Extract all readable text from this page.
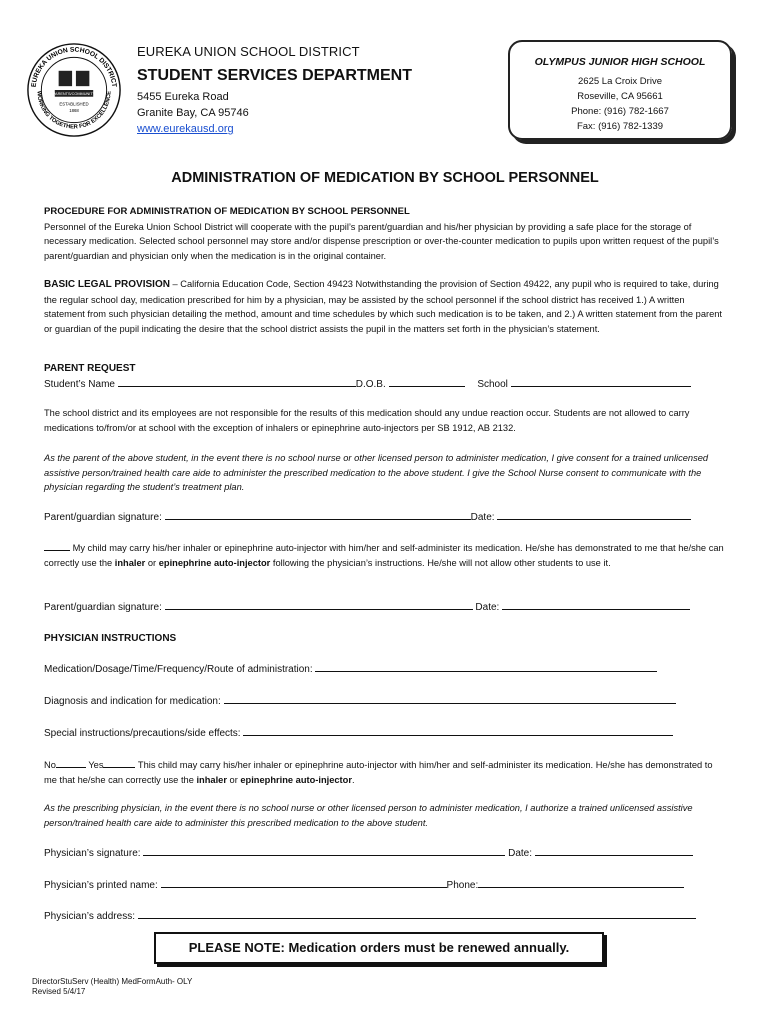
EUREKA UNION SCHOOL DISTRICT
WORKING TOGETHER FOR EXCELLENCE
PARENTS/COMMUNITY
ESTABLISHED
1868
EUREKA UNION SCHOOL DISTRICT
STUDENT SERVICES DEPARTMENT
5455 Eureka Road
Granite Bay, CA 95746
www.eurekausd.org
OLYMPUS JUNIOR HIGH SCHOOL
2625 La Croix Drive
Roseville, CA 95661
Phone: (916) 782-1667
Fax: (916) 782-1339
ADMINISTRATION OF MEDICATION BY SCHOOL PERSONNEL
PROCEDURE FOR ADMINISTRATION OF MEDICATION BY SCHOOL PERSONNEL
Personnel of the Eureka Union School District will cooperate with the pupil’s parent/guardian and his/her physician by providing a safe place for the storage of necessary medication. Selected school personnel may store and/or dispense prescription or over-the-counter medication to pupils upon written request of the pupil’s parent/guardian and physician only when the medication is in the original container.
BASIC LEGAL PROVISION – California Education Code, Section 49423 Notwithstanding the provision of Section 49422, any pupil who is required to take, during the regular school day, medication prescribed for him by a physician, may be assisted by the school personnel if the school district has received 1.) A written statement from such physician detailing the method, amount and time schedules by which such medication is to be taken, and 2.) A written statement from the parent or guardian of the pupil indicating the desire that the school district assists the pupil in the matters set forth in the physician’s statement.
PARENT REQUEST
Student’s Name	D.O.B.	School
The school district and its employees are not responsible for the results of this medication should any undue reaction occur. Students are not allowed to carry medications to/from/or at school with the exception of inhalers or epinephrine auto-injectors per SB 1912, AB 2132.
As the parent of the above student, in the event there is no school nurse or other licensed person to administer medication, I give consent for a trained unlicensed assistive person/trained health care aide to administer the prescribed medication to the above student. I give the School Nurse consent to communicate with the physician regarding the student’s treatment plan.
Parent/guardian signature:	Date:
My child may carry his/her inhaler or epinephrine auto-injector with him/her and self-administer its medication. He/she has demonstrated to me that he/she can correctly use the inhaler or epinephrine auto-injector following the physician’s instructions. He/she will not allow other students to use it.
Parent/guardian signature:	Date:
PHYSICIAN INSTRUCTIONS
Medication/Dosage/Time/Frequency/Route of administration:
Diagnosis and indication for medication:
Special instructions/precautions/side effects:
No	Yes	This child may carry his/her inhaler or epinephrine auto-injector with him/her and self-administer its medication. He/she has demonstrated to me that he/she can correctly use the inhaler or epinephrine auto-injector.
As the prescribing physician, in the event there is no school nurse or other licensed person to administer medication, I authorize a trained unlicensed assistive person/trained health care aide to administer this prescribed medication to the above student.
Physician’s signature:	Date:
Physician’s printed name:	Phone:
Physician’s address:
PLEASE NOTE: Medication orders must be renewed annually.
DirectorStuServ (Health) MedFormAuth- OLY
Revised 5/4/17
